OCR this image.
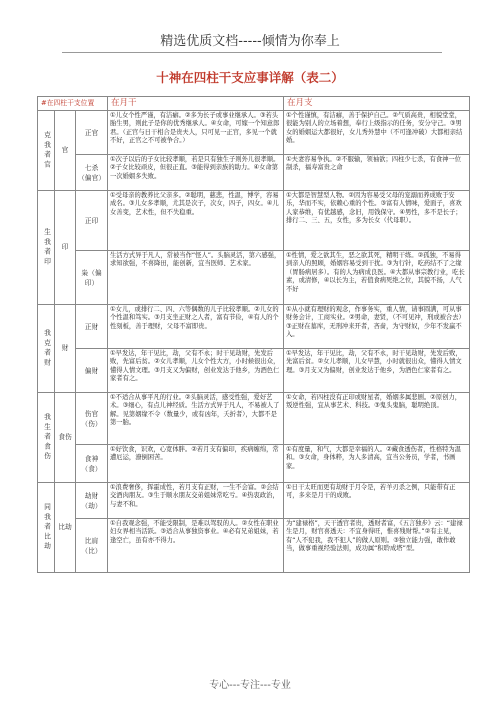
精选优质文档-----倾情为你奉上
十神在四柱干支应事详解（表二）
#在四柱干支位置			在月干	在月支
克我者官	官	正官	①儿女个性严谨，有洁癖。②多为长子或事业继承人。③若头胎生男，则此子是你的优秀继承人。④女命，可嫁一个知意郎君。（正官与日干相合是贵夫人，只可见一正官，多见一个就不好，正官之不可被争合。）	①个性谨慎，有洁癖，善于保护自己。②气质高贵，相貌堂堂，很能为别人的立场着想，奉行上级指示的任务，安分守己。③男女的婚姻运大都很好，女儿秀外慧中（不可逢冲破）大都相亲结婚。
		七杀（偏官）	①次子以后的子女比较孝顺，若是只有独生子则外儿很孝顺。②子女比较顽皮，但很正直。③能得到亲族的助力。④女命第一次婚姻多失败。	①夫妻容易争执。②不服输，领袖欲；四柱少七杀，有食神一位制杀，福寿富贵之命
生我者印	印	正印	①受母亲的教养比父亲多。②聪明，慈悲，性温，博学，容易成名。③儿女多孝顺，尤其是次子，次女，四子，四女。④儿女善变，艺术性，但不失稳重。	①大都是智慧型人物。②因为容易受父母的宠溺而养成败于安乐，华而不实，依赖心重的个性。③富有人情味，爱面子，喜欢人家恭维，有优越感，念旧，用钱保守。④男性，多不是长子；排行二、三、五，女性，多为长女（代母职）。
		枭（偏印）	生活方式异于凡人，常被当作“怪人”。头脑灵活，第六感强，求知欲强，不喜降田，能创新，宜当医师、艺术家。	①性情，爱之欲其生，恶之欲其死，精明干练。②孤独，不易得到亲人的照顾，婚姻容易受到干扰。③为行针，吃药结不了之缘（胃肠病居多）。有的人为病成良医。④大都从事宗教行业，吃长素，或清修，④以长为主，若值食病死绝之位，其貌不扬，人气不好
我克者财	财	正财	①女儿，或排行二、四、六等偶数的儿子比较孝顺。②儿女的个性温和笃实。③月支坐正财之人者，富有节俭，④有人的个性刻板，善于理财，父母不富即贵。	①从小就有理财的观念，作事务实，重人情，请事圆满，可从事财务会计，工商实业。②男命，妻贤，（不可见冲，刑或被合去）③正财在墓库，无刑冲来开者，吝啬，为守财奴，少年不发赢不入。
		偏财	①早发达，年干见比，劫，父有不永；时干见劫财，先发后败，先富后贫。②女儿孝顺，儿女个性大方，小时候很出众，懂得人情文理。③月支又为偏财，创业发达于他乡，为酒色仁家者有之。	①早发达，年干见比，劫，父有不永，时干见劫财，先发后败，先富后贫。②女儿孝顺，儿女早慧，小时就很出众，懂得人情文理。③月支又为偏财，创业发达于他乡，为酒色仁家者有之。
我生者食伤	食伤	伤官（伤）	①不适合从事平凡的行业。②头脑灵活，感受性强，爱好艺术。③细心，有点儿神经质。生活方式异于凡人，不易被人了解。见第姻缘不令（数量少，或有凶年，夭折者），大都不是第一胎。	①女命，若四柱没有正印或财星者，婚姻多属悲剧。②原创力，叛逆性强，宜从事艺术、科技。③鬼头鬼脑，聪明绝顶。
		食神（食）	①好饮食，识欢，心宽体胖。②若月支有偏印，疾病缠绵，常遭厄运，潦倒困苦。	①有度量，和气，大都是幸福的人。②藏食透伤者，性格特为温和。③女命，身体粹，为人多清高，宜当公务员，学者，书画家。
同我者比劫	比劫	劫财（劫）	①浪费奢侈，挥霍成性，若月支有正财，一生不会富。②会结交酒肉朋友。③生于顺水朋友交弟姐妹常吃亏。④热衷政治，与妻不和。	①日干太旺而更有劫财于月令是，若羊刃杀之例，只能带有正可，多来是月干的成败。
		比肩（比）	①自我观念强，不能受限制，是难以驾驭的人。②女性在职业妇女界相当活跃。③适合从事独资事业。④必有兄弟姐妹，若逢空亡，虽有亦不得力。	为“建禄格”，天干透官者贵，透财者富，《五言独步》云：“建禄生是月，财官喜透天：不宜身得旺，惟喜残财帮。”②有主见，有“人不犯我，我不犯人”的做人原则。③独立能力强，敢作敢当，做事重视经验法则，成功属“积聆成塔”型。
专心---专注---专业
